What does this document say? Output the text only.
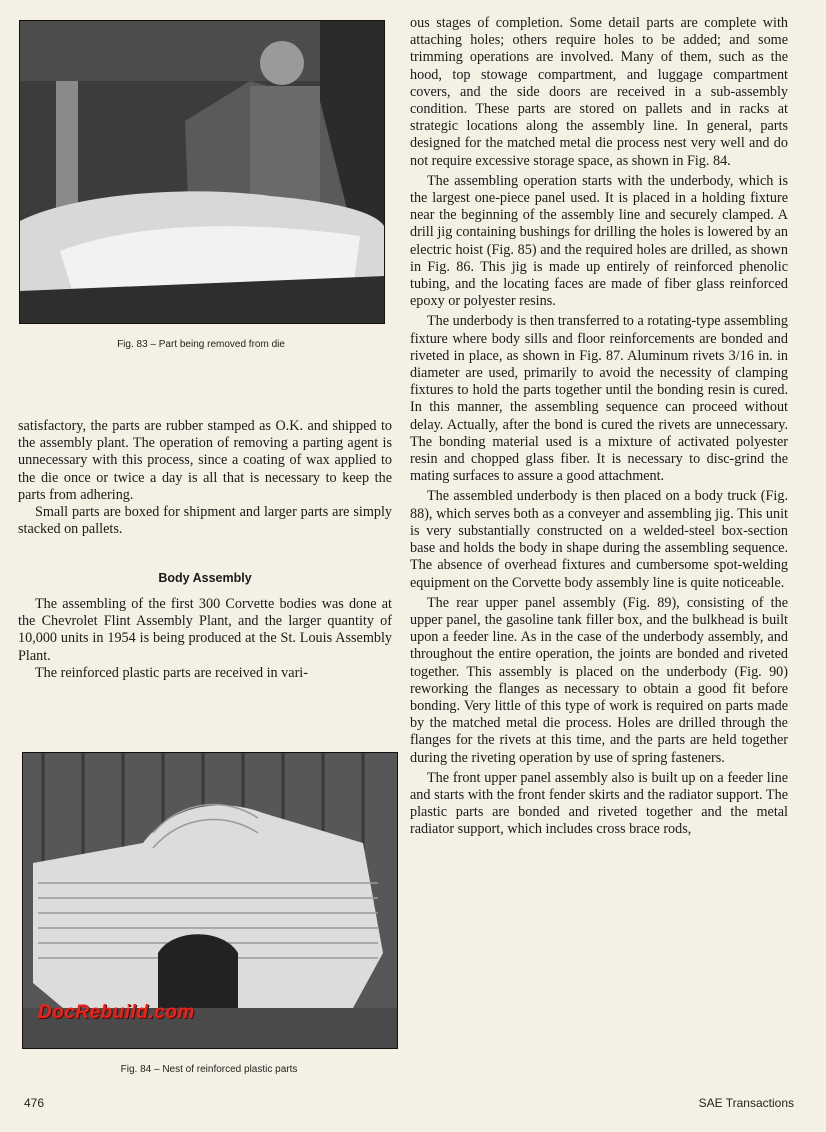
Fig. 83 – Part being removed from die

satisfactory, the parts are rubber stamped as O.K. and shipped to the assembly plant. The operation of removing a parting agent is unnecessary with this process, since a coating of wax applied to the die once or twice a day is all that is necessary to keep the parts from adhering.

Small parts are boxed for shipment and larger parts are simply stacked on pallets.

Body Assembly

The assembling of the first 300 Corvette bodies was done at the Chevrolet Flint Assembly Plant, and the larger quantity of 10,000 units in 1954 is being produced at the St. Louis Assembly Plant.

The reinforced plastic parts are received in vari-

DocRebuild.com
Fig. 84 – Nest of reinforced plastic parts

ous stages of completion. Some detail parts are complete with attaching holes; others require holes to be added; and some trimming operations are involved. Many of them, such as the hood, top stowage compartment, and luggage compartment covers, and the side doors are received in a sub-assembly condition. These parts are stored on pallets and in racks at strategic locations along the assembly line. In general, parts designed for the matched metal die process nest very well and do not require excessive storage space, as shown in Fig. 84.

The assembling operation starts with the underbody, which is the largest one-piece panel used. It is placed in a holding fixture near the beginning of the assembly line and securely clamped. A drill jig containing bushings for drilling the holes is lowered by an electric hoist (Fig. 85) and the required holes are drilled, as shown in Fig. 86. This jig is made up entirely of reinforced phenolic tubing, and the locating faces are made of fiber glass reinforced epoxy or polyester resins.

The underbody is then transferred to a rotating-type assembling fixture where body sills and floor reinforcements are bonded and riveted in place, as shown in Fig. 87. Aluminum rivets 3/16 in. in diameter are used, primarily to avoid the necessity of clamping fixtures to hold the parts together until the bonding resin is cured. In this manner, the assembling sequence can proceed without delay. Actually, after the bond is cured the rivets are unnecessary. The bonding material used is a mixture of activated polyester resin and chopped glass fiber. It is necessary to disc-grind the mating surfaces to assure a good attachment.

The assembled underbody is then placed on a body truck (Fig. 88), which serves both as a conveyer and assembling jig. This unit is very substantially constructed on a welded-steel box-section base and holds the body in shape during the assembling sequence. The absence of overhead fixtures and cumbersome spot-welding equipment on the Corvette body assembly line is quite noticeable.

The rear upper panel assembly (Fig. 89), consisting of the upper panel, the gasoline tank filler box, and the bulkhead is built upon a feeder line. As in the case of the underbody assembly, and throughout the entire operation, the joints are bonded and riveted together. This assembly is placed on the underbody (Fig. 90) reworking the flanges as necessary to obtain a good fit before bonding. Very little of this type of work is required on parts made by the matched metal die process. Holes are drilled through the flanges for the rivets at this time, and the parts are held together during the riveting operation by use of spring fasteners.

The front upper panel assembly also is built up on a feeder line and starts with the front fender skirts and the radiator support. The plastic parts are bonded and riveted together and the metal radiator support, which includes cross brace rods,

476	SAE Transactions
